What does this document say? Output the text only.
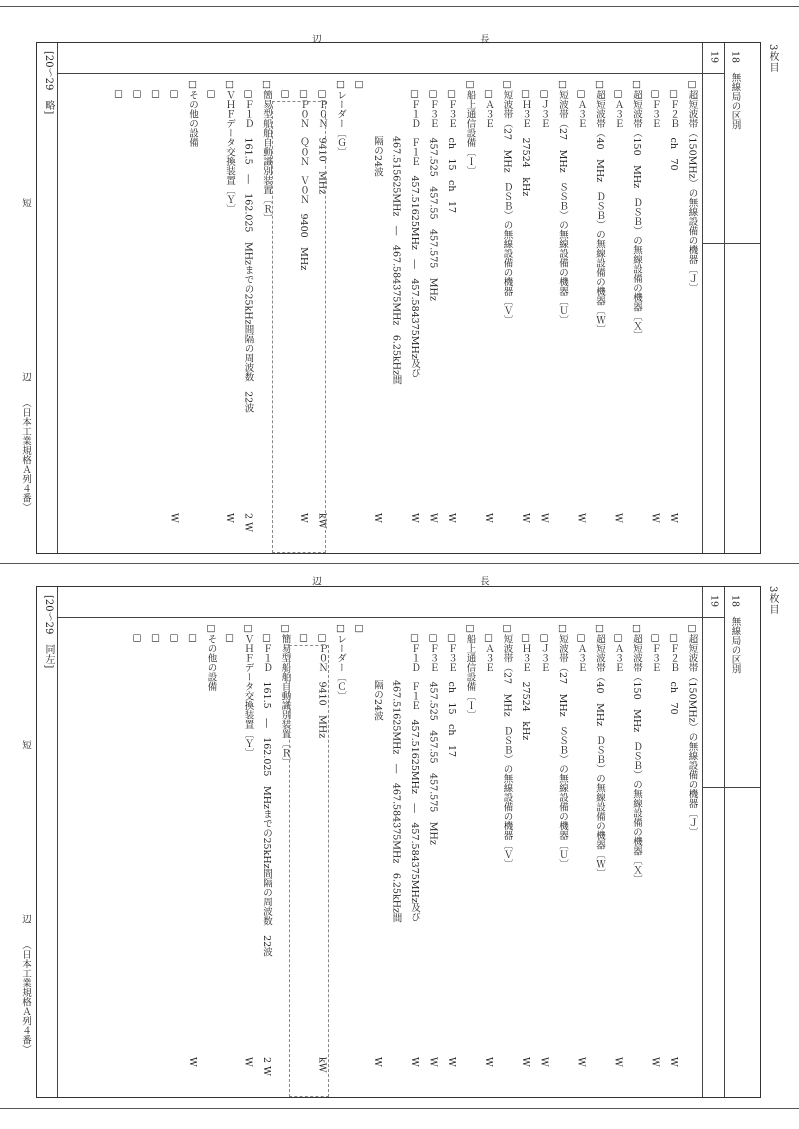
3枚目
18　無線局の区別
19
[20〜29　略]	□超短波帯（150MHz）の無線設備の機器〔Ｊ〕
　□Ｆ２Ｂ　ch　70
W
　□Ｆ３Ｅ
W
□超短波帯（150　MHz　ＤＳＢ）の無線設備の機器〔Ｘ〕
　□Ａ３Ｅ
W
□超短波帯（40　MHz　ＤＳＢ）の無線設備の機器〔Ｗ〕
　□Ａ３Ｅ
W
□短波帯（27　MHz　ＳＳＢ）の無線設備の機器〔Ｕ〕
　□Ｊ３Ｅ
W
　□Ｈ３Ｅ　27524　kHz
W
□短波帯（27　MHz　ＤＳＢ）の無線設備の機器〔Ｖ〕
　□Ａ３Ｅ
W
□船上通信設備〔Ｉ〕
　□Ｆ３Ｅ　ch　15　ch　17
W
　□Ｆ３Ｅ　457.525　457.55　457.575　MHz
W
　□Ｆ１Ｄ　Ｆ１Ｅ　457.51625MHz　―　457.584375MHz及び
W
　　　　　　467.515625MHz　―　467.584375MHz　6.25kHz間
　　　　　　隔の24波
W
□
□レーダー〔Ｇ〕
　□Ｐ０Ｎ　9410　MHz
kW
　□Ｐ０Ｎ　Ｑ０Ｎ　Ｖ０Ｎ　9400　MHz
W
　□
□簡易型船舶自動識別装置〔Ｒ〕
　□Ｆ１Ｄ　161.5　―　162.025　MHzまでの25kHz間隔の周波数　22波
2 W
□ＶＨＦデータ交換装置〔Ｙ〕
W
　□
□その他の設備
　□
W
　□
　□
　□
長
辺
短
辺
（日本工業規格Ａ列４番）
3枚目
18　無線局の区別
19
[20〜29　同左]	□超短波帯（150MHz）の無線設備の機器〔Ｊ〕
　□Ｆ２Ｂ　ch　70
W
　□Ｆ３Ｅ
W
□超短波帯（150　MHz　ＤＳＢ）の無線設備の機器〔Ｘ〕
　□Ａ３Ｅ
W
□超短波帯（40　MHz　ＤＳＢ）の無線設備の機器〔Ｗ〕
　□Ａ３Ｅ
W
□短波帯（27　MHz　ＳＳＢ）の無線設備の機器〔Ｕ〕
　□Ｊ３Ｅ
W
　□Ｈ３Ｅ　27524　kHz
W
□短波帯（27　MHz　ＤＳＢ）の無線設備の機器〔Ｖ〕
　□Ａ３Ｅ
W
□船上通信設備〔Ｉ〕
　□Ｆ３Ｅ　ch　15　ch　17
W
　□Ｆ３Ｅ　457.525　457.55　457.575　MHz
W
　□Ｆ１Ｄ　Ｆ１Ｅ　457.51625MHz　―　457.584375MHz及び
W
　　　　　　467.51625MHz　―　467.584375MHz　6.25kHz間
　　　　　　隔の24波
W
□
□レーダー〔Ｃ〕
　□Ｐ０Ｎ　9410　MHz
kW
　□
□簡易型船舶自動識別装置〔Ｒ〕
　□Ｆ１Ｄ　161.5　―　162.025　MHzまでの25kHz間隔の周波数　22波
2 W
□ＶＨＦデータ交換装置〔Ｙ〕
W
　□
□その他の設備
　□
W
　□
　□
　□
長
辺
短
辺
（日本工業規格Ａ列４番）
